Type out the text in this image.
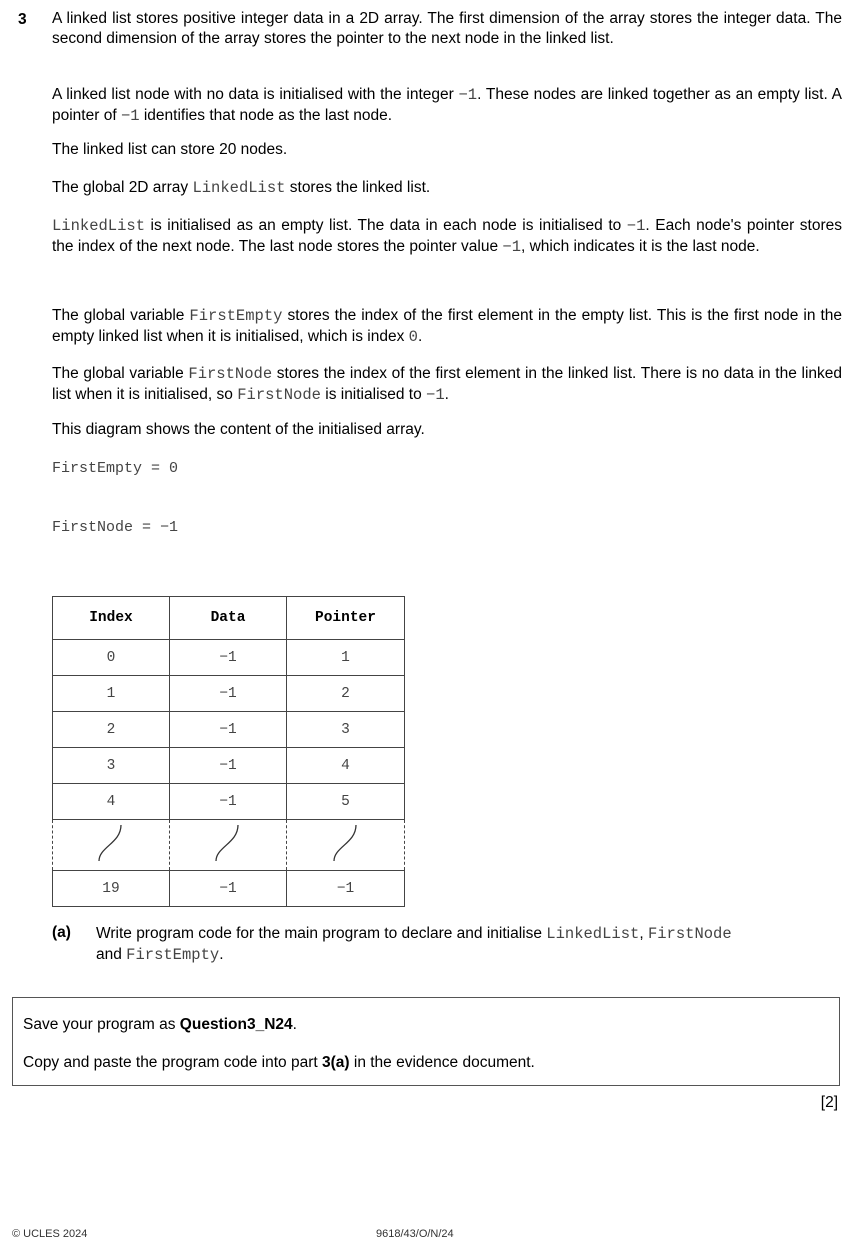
3 A linked list stores positive integer data in a 2D array. The first dimension of the array stores the integer data. The second dimension of the array stores the pointer to the next node in the linked list.

A linked list node with no data is initialised with the integer −1. These nodes are linked together as an empty list. A pointer of −1 identifies that node as the last node.

The linked list can store 20 nodes.

The global 2D array LinkedList stores the linked list.

LinkedList is initialised as an empty list. The data in each node is initialised to −1. Each node's pointer stores the index of the next node. The last node stores the pointer value −1, which indicates it is the last node.

The global variable FirstEmpty stores the index of the first element in the empty list. This is the first node in the empty linked list when it is initialised, which is index 0.

The global variable FirstNode stores the index of the first element in the linked list. There is no data in the linked list when it is initialised, so FirstNode is initialised to −1.

This diagram shows the content of the initialised array.

FirstEmpty = 0
FirstNode = −1
Index	Data	Pointer
0	−1	1
1	−1	2
2	−1	3
3	−1	4
4	−1	5

19	−1	−1
(a) Write program code for the main program to declare and initialise LinkedList, FirstNode
and FirstEmpty.

Save your program as Question3_N24.

Copy and paste the program code into part 3(a) in the evidence document.

[2]
© UCLES 2024	9618/43/O/N/24
